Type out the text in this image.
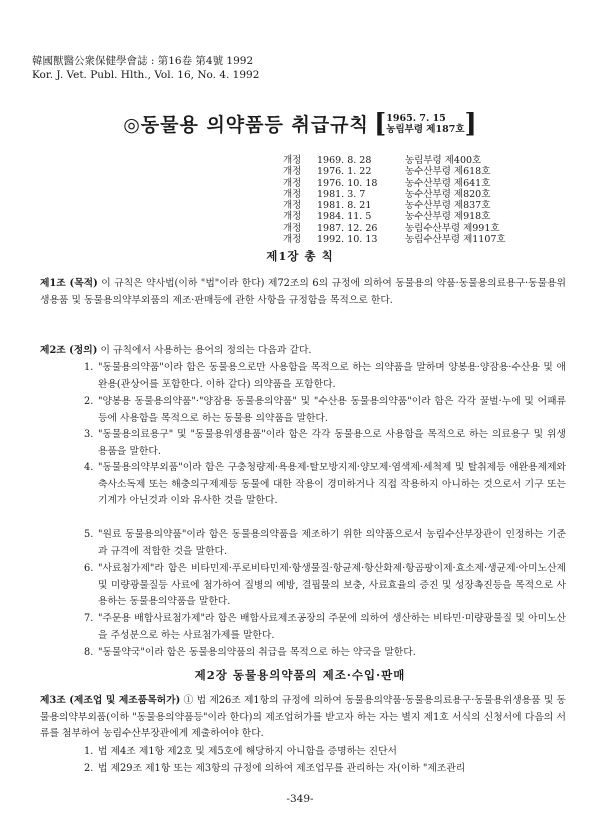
韓國獸醫公衆保健學會誌 : 第16卷 第4號 1992
Kor. J. Vet. Publ. Hlth., Vol. 16, No. 4. 1992
◎동물용 의약품등 취급규칙 [1965. 7. 15
농림부령 제187호]
개정 1969. 8. 28	농림부령 제400호
개정 1976. 1. 22	농수산부령 제618호
개정 1976. 10. 18	농수산부령 제641호
개정 1981. 3. 7	농수산부령 제820호
개정 1981. 8. 21	농수산부령 제837호
개정 1984. 11. 5	농수산부령 제918호
개정 1987. 12. 26	농림수산부령 제991호
개정 1992. 10. 13	농림수산부령 제1107호
제1장 총 칙
제1조 (목적) 이 규칙은 약사법(이하 "법"이라 한다) 제72조의 6의 규정에 의하여 동물용의 약품·동물용의료용구·동물용위생용품 및 동물용의약부외품의 제조·판매등에 관한 사항을 규정함을 목적으로 한다.
제2조 (정의) 이 규칙에서 사용하는 용어의 정의는 다음과 같다.
1. "동물용의약품"이라 함은 동물용으로만 사용함을 목적으로 하는 의약품을 말하며 양봉용·양잠용·수산용 및 애완용(관상어를 포함한다. 이하 같다) 의약품을 포함한다.
2. "양봉용 동물용의약품"·"양잠용 동물용의약품" 및 "수산용 동물용의약품"이라 함은 각각 꿀벌·누에 및 어패류등에 사용함을 목적으로 하는 동물용 의약품을 말한다.
3. "동물용의료용구" 및 "동물용위생용품"이라 함은 각각 동물용으로 사용함을 목적으로 하는 의료용구 및 위생용품을 말한다.
4. "동물용의약부외품"이라 함은 구충청량제·욕용제·탈모방지제·양모제·염색제·세척제 및 탈취제등 애완용제제와 축사소독제 또는 해충의구제제등 동물에 대한 작용이 경미하거나 직접 작용하지 아니하는 것으로서 기구 또는 기계가 아닌것과 이와 유사한 것을 말한다.
5. "원료 동물용의약품"이라 함은 동물용의약품을 제조하기 위한 의약품으로서 농림수산부장관이 인정하는 기준과 규격에 적합한 것을 말한다.
6. "사료첨가제"라 함은 비타민제·푸로비타민제·항생물질·항균제·항산화제·항곰팡이제·효소제·생균제·아미노산제 및 미량광물질등 사료에 첨가하여 질병의 예방, 결핍물의 보충, 사료효율의 증진 및 성장촉진등을 목적으로 사용하는 동물용의약품을 말한다.
7. "주문용 배합사료첨가제"라 함은 배합사료제조공장의 주문에 의하여 생산하는 비타민·미량광물질 및 아미노산을 주성분으로 하는 사료첨가제를 말한다.
8. "동물약국"이라 함은 동물용의약품의 취급을 목적으로 하는 약국을 말한다.
제2장 동물용의약품의 제조·수입·판매
제3조 (제조업 및 제조품목허가) ① 법 제26조 제1항의 규정에 의하여 동물용의약품·동물용의료용구·동물용위생용품 및 동물용의약부외품(이하 "동물용의약품등"이라 한다)의 제조업허가를 받고자 하는 자는 별지 제1호 서식의 신청서에 다음의 서류를 첨부하여 농림수산부장관에게 제출하여야 한다.
1. 법 제4조 제1항 제2호 및 제5호에 해당하지 아니함을 증명하는 진단서
2. 법 제29조 제1항 또는 제3항의 규정에 의하여 제조업무를 관리하는 자(이하 "제조관리
-349-
